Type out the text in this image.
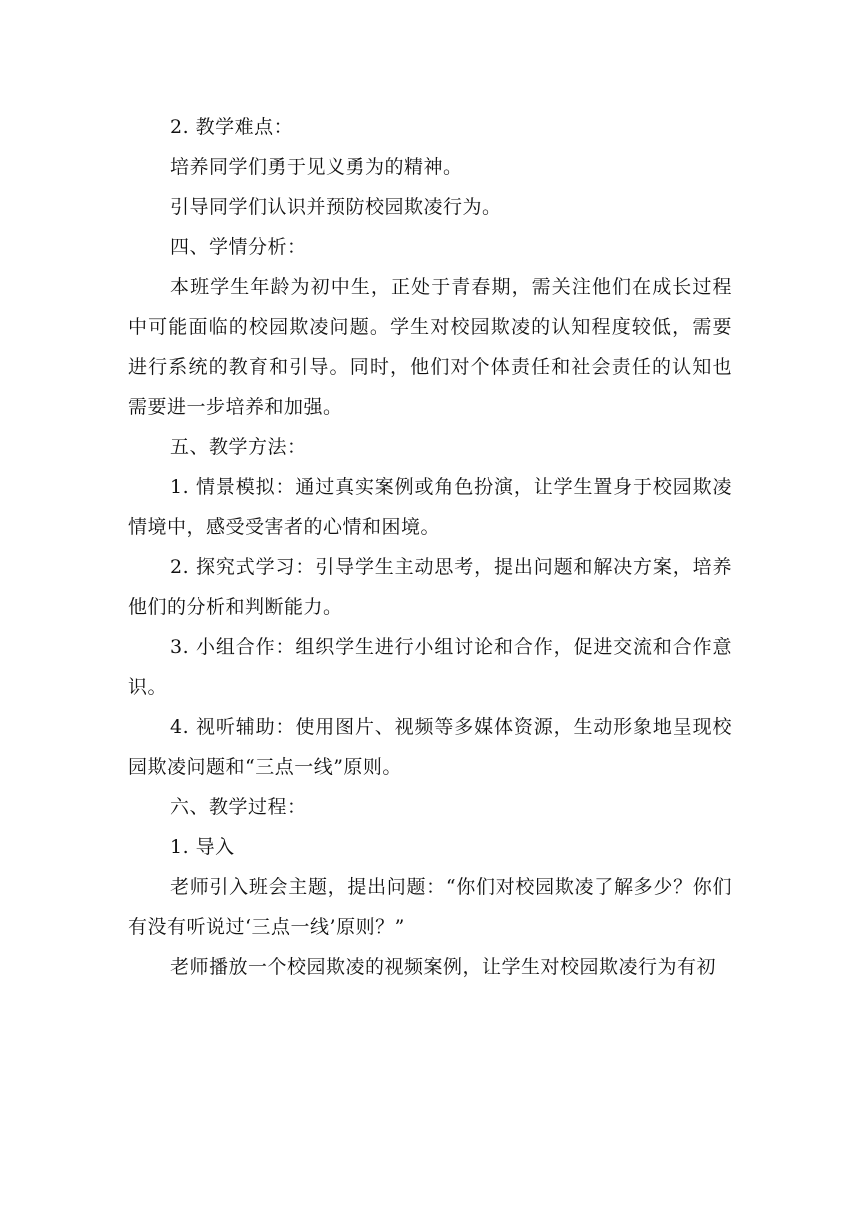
2. 教学难点：

培养同学们勇于见义勇为的精神。

引导同学们认识并预防校园欺凌行为。

四、学情分析：

本班学生年龄为初中生，正处于青春期，需关注他们在成长过程中可能面临的校园欺凌问题。学生对校园欺凌的认知程度较低，需要进行系统的教育和引导。同时，他们对个体责任和社会责任的认知也需要进一步培养和加强。

五、教学方法：

1. 情景模拟：通过真实案例或角色扮演，让学生置身于校园欺凌情境中，感受受害者的心情和困境。

2. 探究式学习：引导学生主动思考，提出问题和解决方案，培养他们的分析和判断能力。

3. 小组合作：组织学生进行小组讨论和合作，促进交流和合作意识。

4. 视听辅助：使用图片、视频等多媒体资源，生动形象地呈现校园欺凌问题和“三点一线”原则。

六、教学过程：

1. 导入

老师引入班会主题，提出问题：“你们对校园欺凌了解多少？你们有没有听说过‘三点一线’原则？”

老师播放一个校园欺凌的视频案例，让学生对校园欺凌行为有初
